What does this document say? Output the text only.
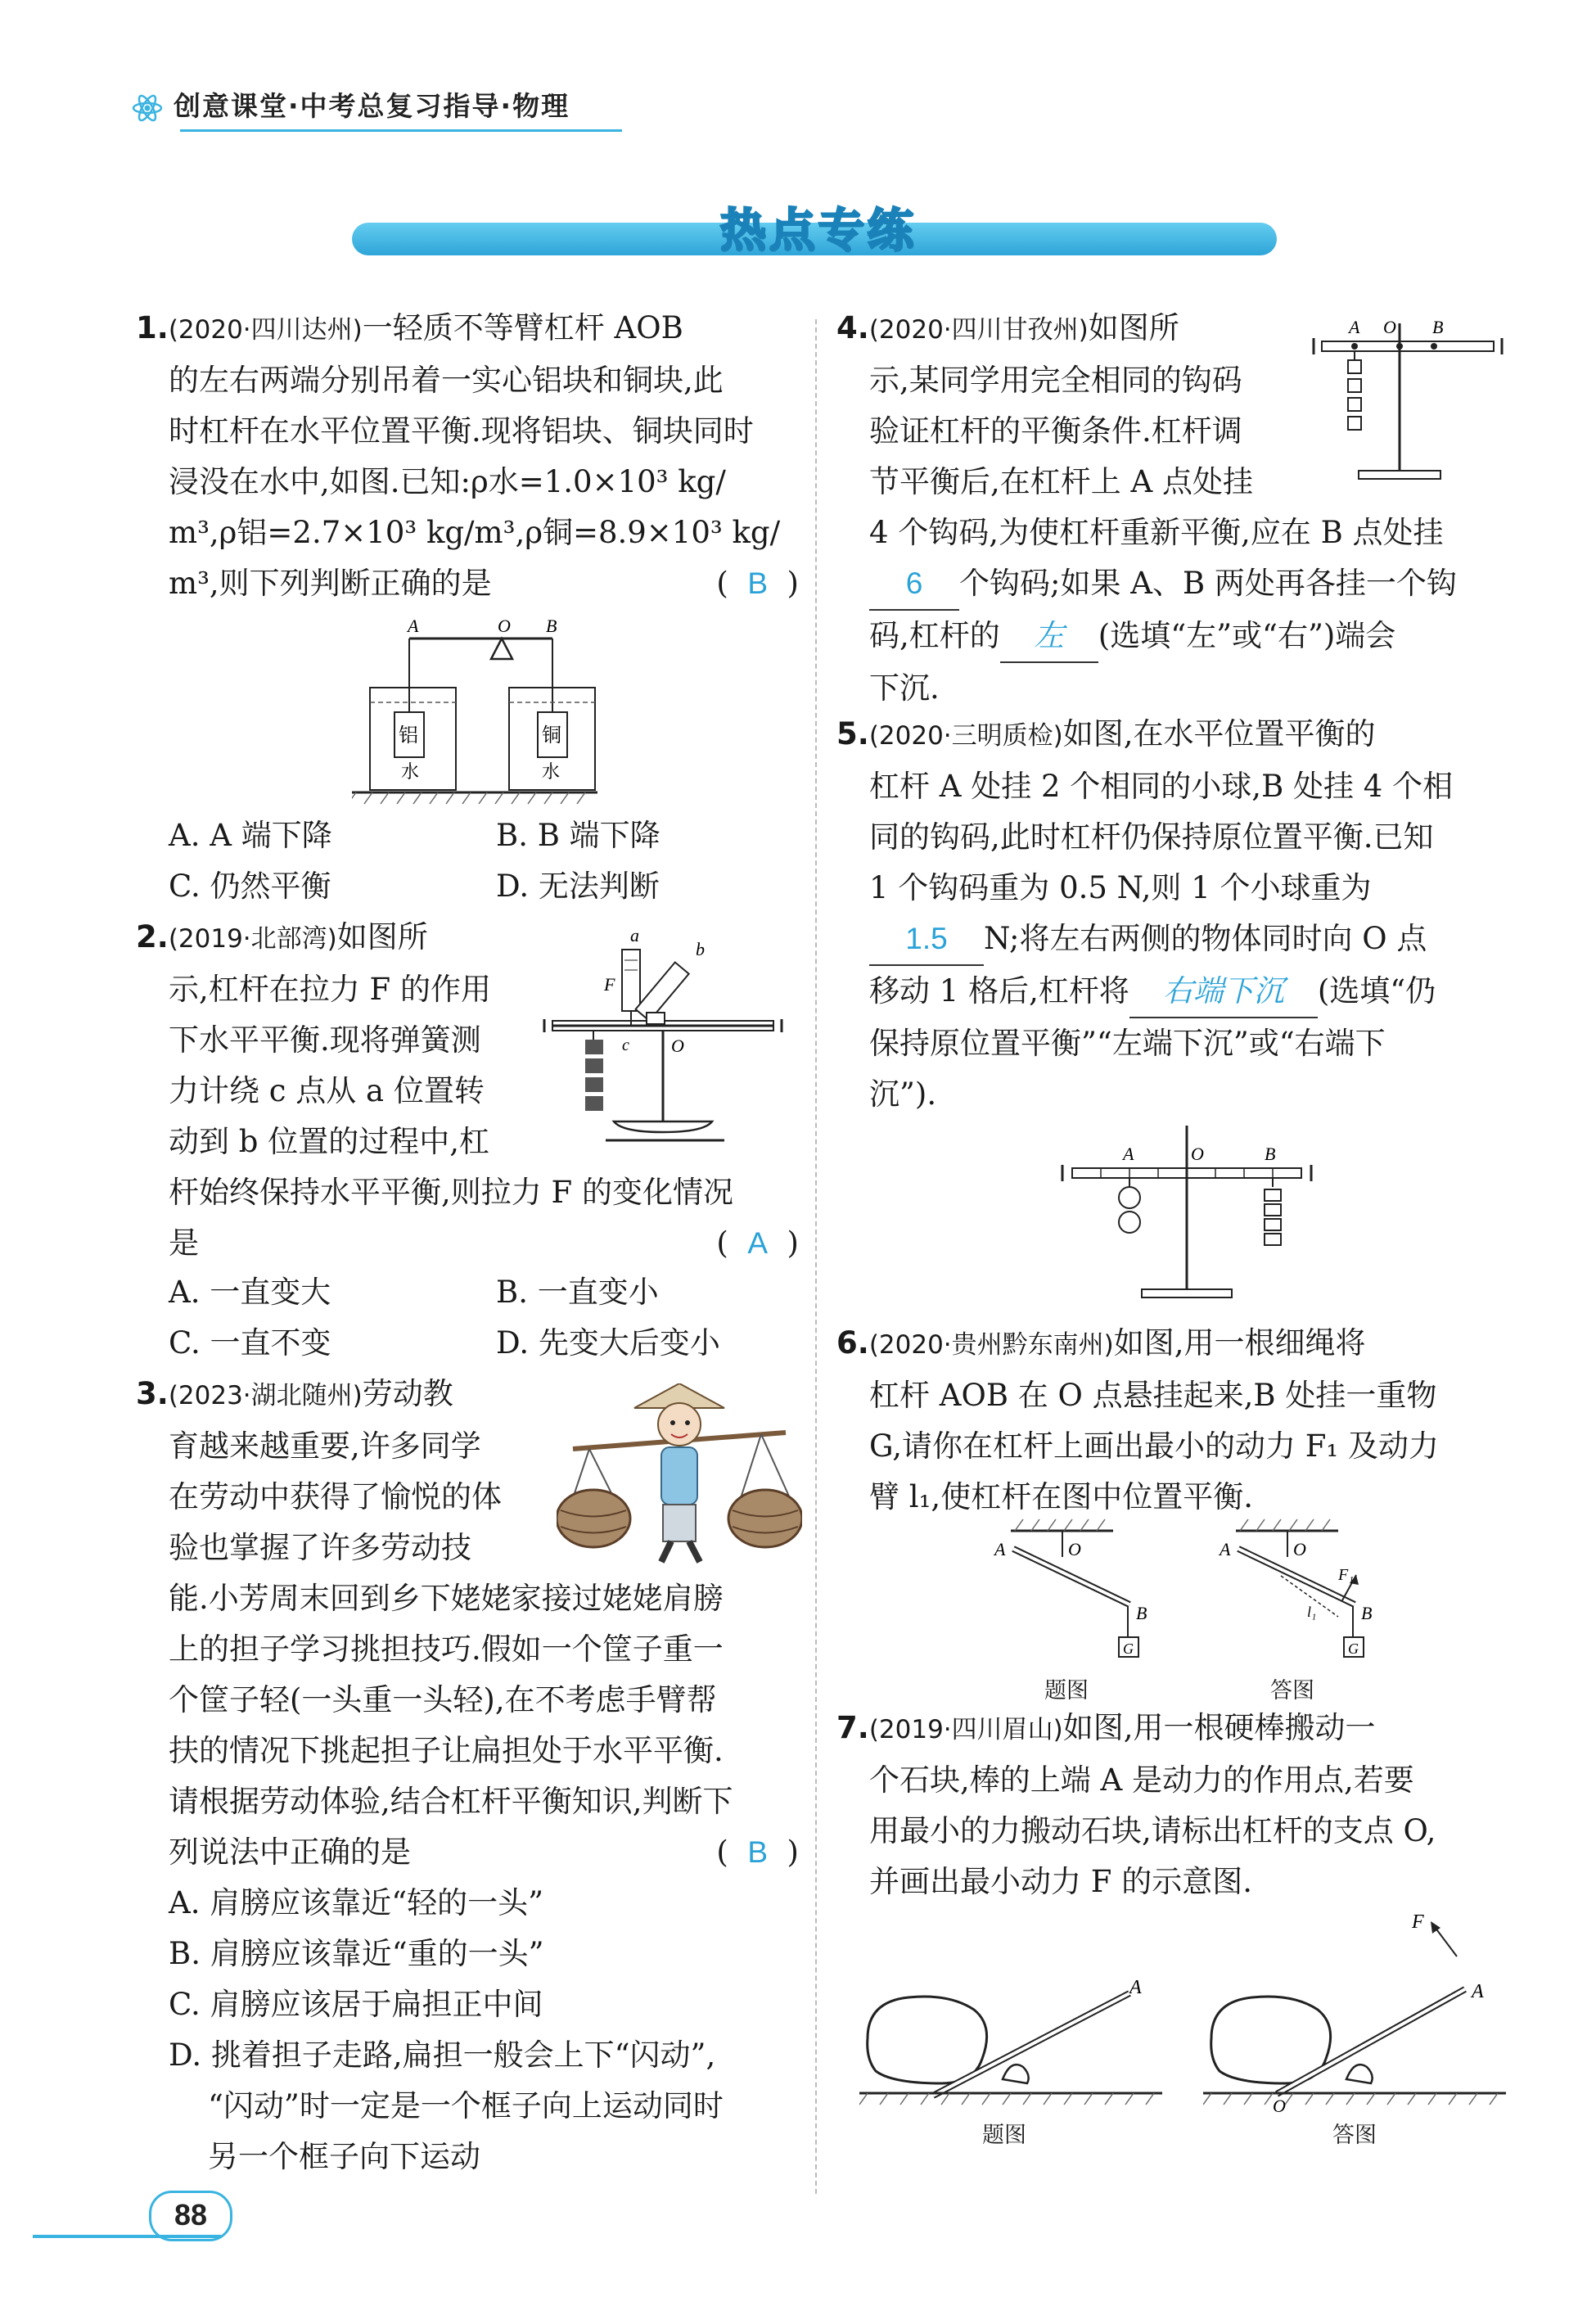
创意课堂·中考总复习指导·物理
热点专练

1.(2020·四川达州)一轻质不等臂杠杆 AOB

的左右两端分别吊着一实心铝块和铜块,此

时杠杆在水平位置平衡.现将铝块、铜块同时

浸没在水中,如图.已知:ρ水=1.0×10³ kg/

m³,ρ铝=2.7×10³ kg/m³,ρ铜=8.9×10³ kg/

m³,则下列判断正确的是	(  B  )

A	O B
铝	铜
水	水
A. A 端下降	B. B 端下降
C. 仍然平衡	D. 无法判断

2.(2019·北部湾)如图所

示,杠杆在拉力 F 的作用

下水平平衡.现将弹簧测

力计绕 c 点从 a 位置转

动到 b 位置的过程中,杠

杆始终保持水平平衡,则拉力 F 的变化情况

是	(  A  )

a
b
F
c O
A. 一直变大	B. 一直变小
C. 一直不变	D. 先变大后变小

3.(2023·湖北随州)劳动教

育越来越重要,许多同学

在劳动中获得了愉悦的体

验也掌握了许多劳动技

能.小芳周末回到乡下姥姥家接过姥姥肩膀

上的担子学习挑担技巧.假如一个筐子重一

个筐子轻(一头重一头轻),在不考虑手臂帮

扶的情况下挑起担子让扁担处于水平平衡.

请根据劳动体验,结合杠杆平衡知识,判断下

列说法中正确的是	(  B  )

A. 肩膀应该靠近“轻的一头”

B. 肩膀应该靠近“重的一头”

C. 肩膀应该居于扁担正中间

D. 挑着担子走路,扁担一般会上下“闪动”,

“闪动”时一定是一个框子向上运动同时

另一个框子向下运动

4.(2020·四川甘孜州)如图所

示,某同学用完全相同的钩码

验证杠杆的平衡条件.杠杆调

节平衡后,在杠杆上 A 点处挂

4 个钩码,为使杠杆重新平衡,应在 B 点处挂

6 个钩码;如果 A、B 两处再各挂一个钩

码,杠杆的 左 (选填“左”或“右”)端会

下沉.

A O B

5.(2020·三明质检)如图,在水平位置平衡的

杠杆 A 处挂 2 个相同的小球,B 处挂 4 个相

同的钩码,此时杠杆仍保持原位置平衡.已知

1 个钩码重为 0.5 N,则 1 个小球重为

1.5 N;将左右两侧的物体同时向 O 点

移动 1 格后,杠杆将 右端下沉 (选填“仍

保持原位置平衡”“左端下沉”或“右端下

沉”).

A	O	B

6.(2020·贵州黔东南州)如图,用一根细绳将

杠杆 AOB 在 O 点悬挂起来,B 处挂一重物

G,请你在杠杆上画出最小的动力 F₁ 及动力

臂 l₁,使杠杆在图中位置平衡.

A	O
B
G
题图
A	O
F₁
l₁ B
G
答图

7.(2019·四川眉山)如图,用一根硬棒搬动一

个石块,棒的上端 A 是动力的作用点,若要

用最小的力搬动石块,请标出杠杆的支点 O,

并画出最小动力 F 的示意图.

A
题图
F
A
O
答图
88
